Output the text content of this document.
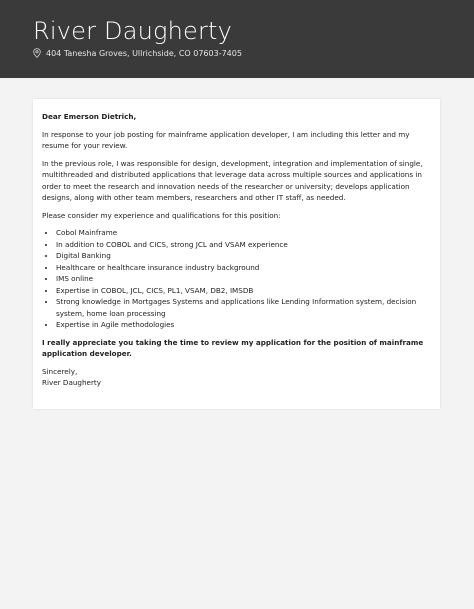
River Daugherty
404 Tanesha Groves, Ullrichside, CO 07603-7405

Dear Emerson Dietrich,

In response to your job posting for mainframe application developer, I am including this letter and my resume for your review.

In the previous role, I was responsible for design, development, integration and implementation of single, multithreaded and distributed applications that leverage data across multiple sources and applications in order to meet the research and innovation needs of the researcher or university; develops application designs, along with other team members, researchers and other IT staff, as needed.

Please consider my experience and qualifications for this position:

• Cobol Mainframe
• In addition to COBOL and CICS, strong JCL and VSAM experience
• Digital Banking
• Healthcare or healthcare insurance industry background
• IMS online
• Expertise in COBOL, JCL, CICS, PL1, VSAM, DB2, IMSDB
• Strong knowledge in Mortgages Systems and applications like Lending Information system, decision system, home loan processing
• Expertise in Agile methodologies

I really appreciate you taking the time to review my application for the position of mainframe application developer.

Sincerely,

River Daugherty
